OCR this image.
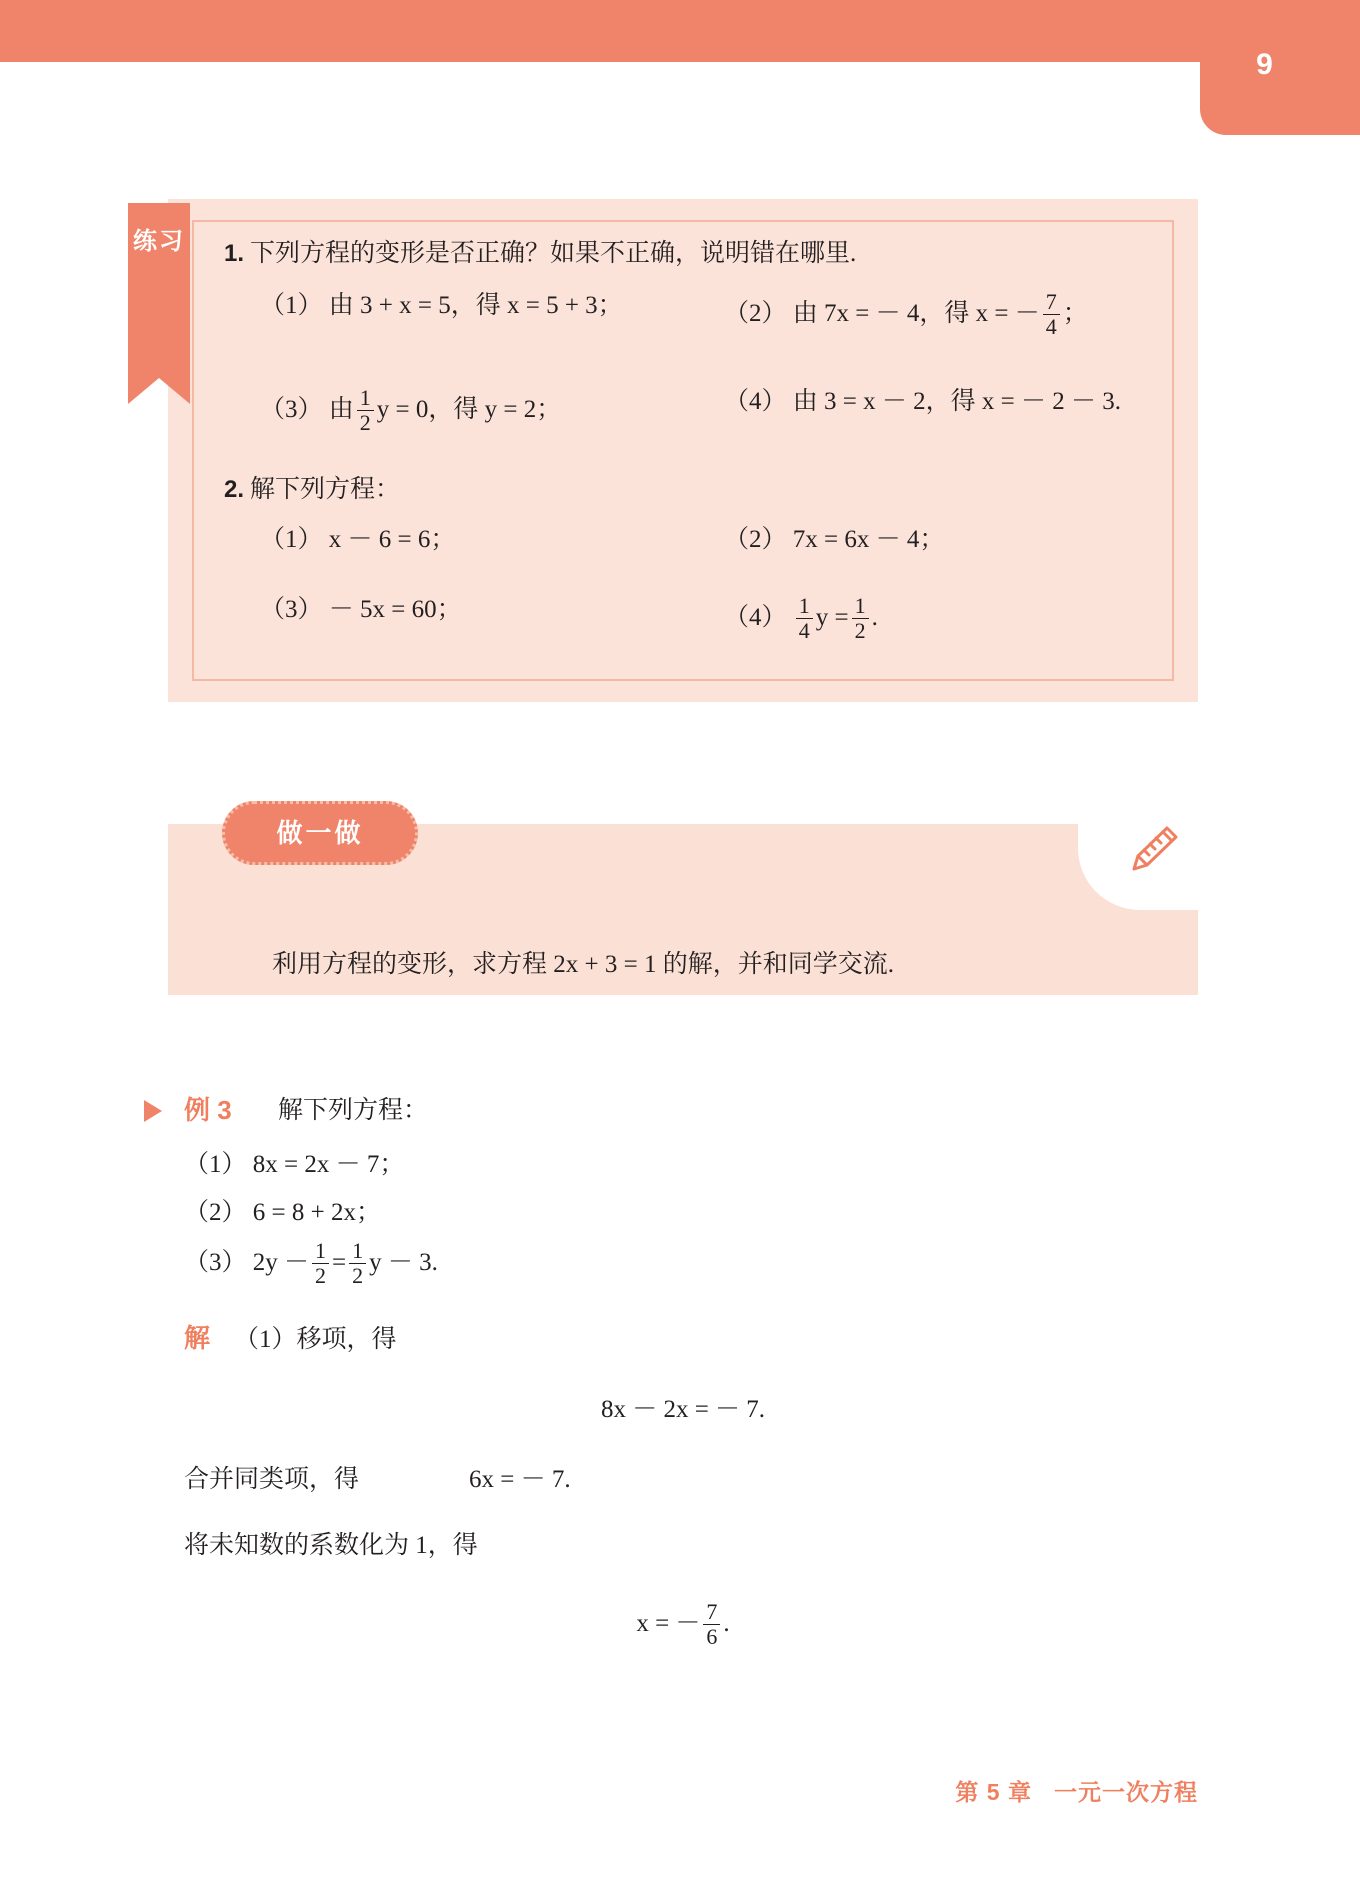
9
1. 下列方程的变形是否正确？如果不正确，说明错在哪里.
（1） 由 3 + x = 5，得 x = 5 + 3；	（2） 由 7x = － 4，得 x = － $\frac{7}{4}$ ；
（3） 由 $\frac{1}{2}$ y = 0，得 y = 2；	（4） 由 3 = x － 2，得 x = － 2 － 3.
2. 解下列方程：
（1） x － 6 = 6；	（2） 7x = 6x － 4；
（3） － 5x = 60；	$(4) \frac{1}{4}$ $y = \frac{1}{2}$ .
练习
利用方程的变形，求方程 2x + 3 = 1 的解，并和同学交流.
做一做
例 3 解下列方程：
（1） 8x = 2x － 7；
（2） 6 = 8 + 2x；
（3） $2y - \frac{1}{2} = \frac{1}{2}$ y － 3.
解 （1）移项，得
8x － 2x = － 7.
合并同类项，得	6x = － 7.
将未知数的系数化为 1，得
x = － $\frac{7}{6}$ .
第 5 章 一元一次方程
